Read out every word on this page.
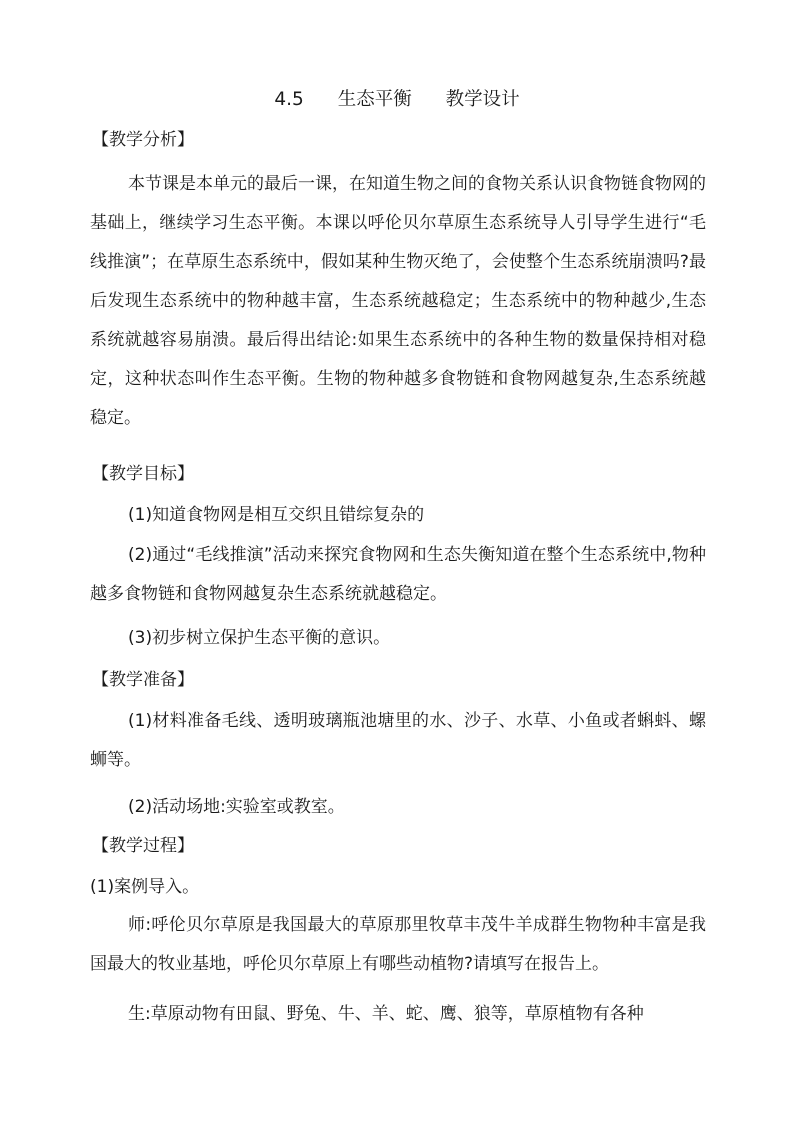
4.5 生态平衡 教学设计
【教学分析】
本节课是本单元的最后一课，在知道生物之间的食物关系认识食物链食物网的基础上，继续学习生态平衡。本课以呼伦贝尔草原生态系统导人引导学生进行“毛线推演”；在草原生态系统中，假如某种生物灭绝了，会使整个生态系统崩溃吗?最后发现生态系统中的物种越丰富，生态系统越稳定；生态系统中的物种越少,生态系统就越容易崩溃。最后得出结论:如果生态系统中的各种生物的数量保持相对稳定，这种状态叫作生态平衡。生物的物种越多食物链和食物网越复杂,生态系统越稳定。
【教学目标】
(1)知道食物网是相互交织且错综复杂的
(2)通过“毛线推演”活动来探究食物网和生态失衡知道在整个生态系统中,物种越多食物链和食物网越复杂生态系统就越稳定。
(3)初步树立保护生态平衡的意识。
【教学准备】
(1)材料准备毛线、透明玻璃瓶池塘里的水、沙子、水草、小鱼或者蝌蚪、螺蛳等。
(2)活动场地:实验室或教室。
【教学过程】
(1)案例导入。
师:呼伦贝尔草原是我国最大的草原那里牧草丰茂牛羊成群生物物种丰富是我国最大的牧业基地，呼伦贝尔草原上有哪些动植物?请填写在报告上。
生:草原动物有田鼠、野兔、牛、羊、蛇、鹰、狼等，草原植物有各种
